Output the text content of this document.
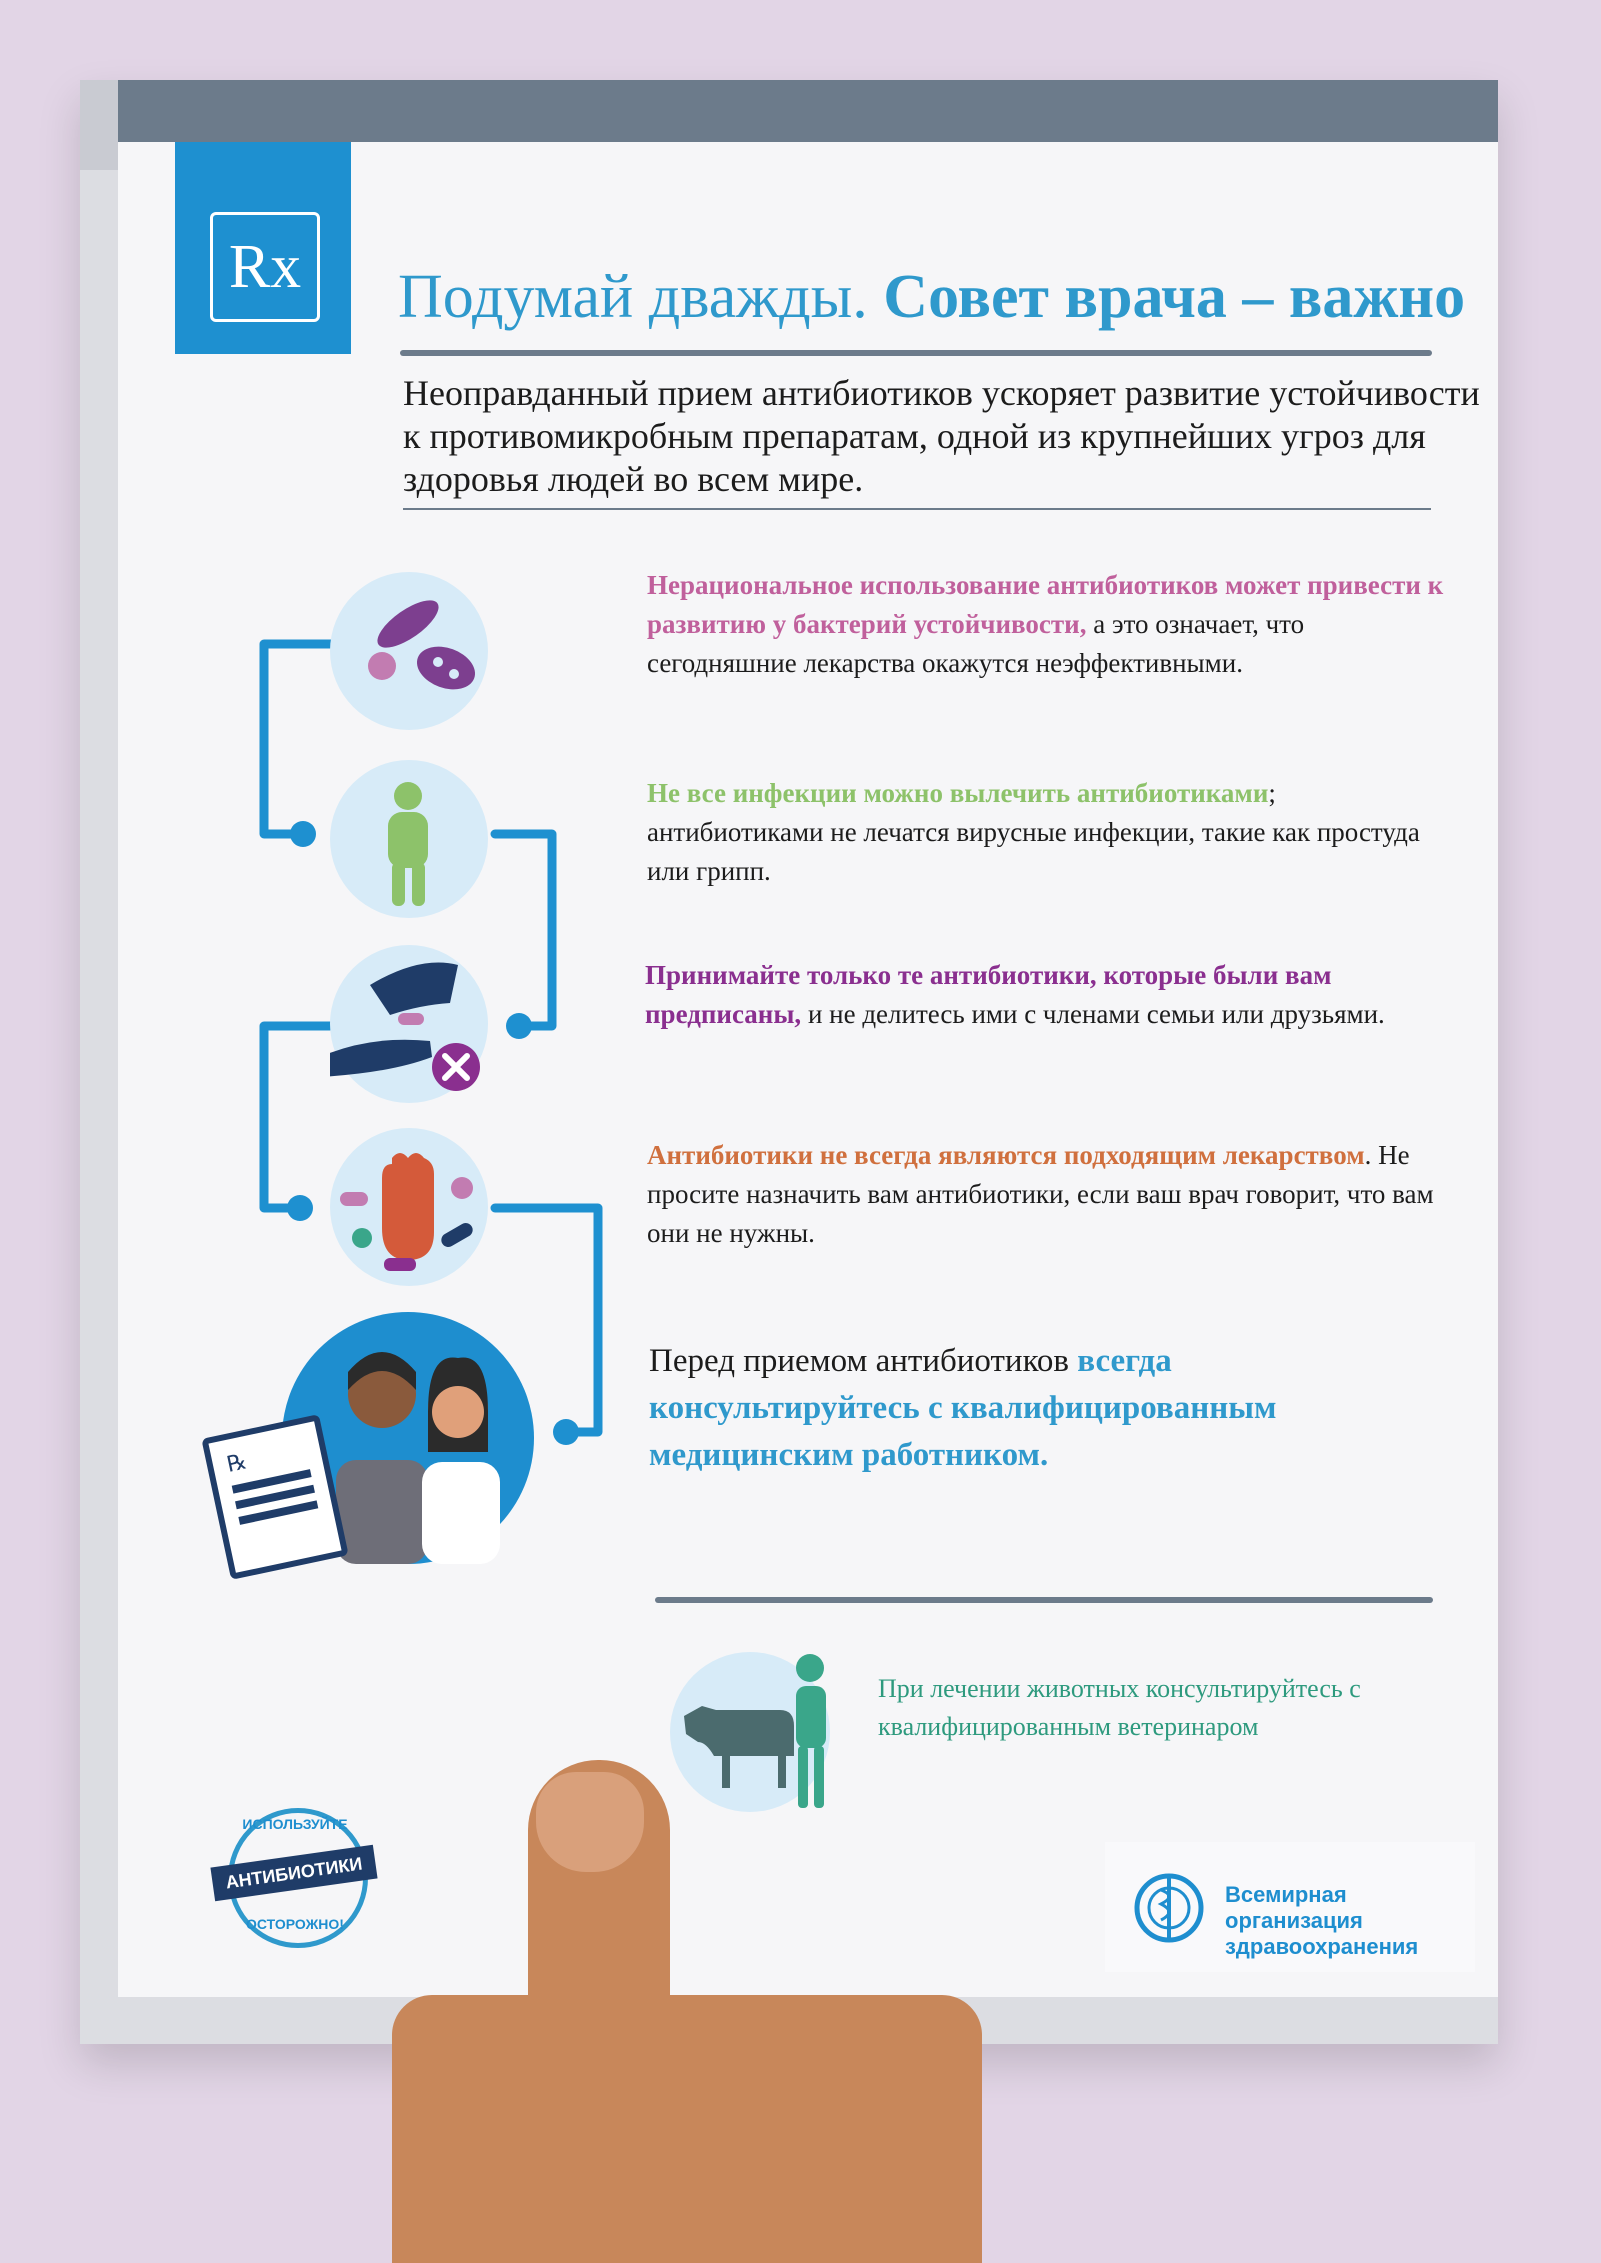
Rx	Подумай дважды. Совет врача – важно
Неоправданный прием антибиотиков ускоряет развитие устойчивости к противомикробным препаратам, одной из крупнейших угроз для здоровья людей во всем мире.
℞
Нерациональное использование антибиотиков может привести к развитию у бактерий устойчивости, а это означает, что сегодняшние лекарства окажутся неэффективными.
Не все инфекции можно вылечить антибиотиками; антибиотиками не лечатся вирусные инфекции, такие как простуда или грипп.
Принимайте только те антибиотики, которые были вам предписаны, и не делитесь ими с членами семьи или друзьями.
Антибиотики не всегда являются подходящим лекарством. Не просите назначить вам антибиотики, если ваш врач говорит, что вам они не нужны.
Перед приемом антибиотиков всегда консультируйтесь с квалифицированным медицинским работником.
При лечении животных консультируйтесь с квалифицированным ветеринаром
ИСПОЛЬЗУЙТЕ
АНТИБИОТИКИ
ОСТОРОЖНО!
Всемирная организация
здравоохранения
